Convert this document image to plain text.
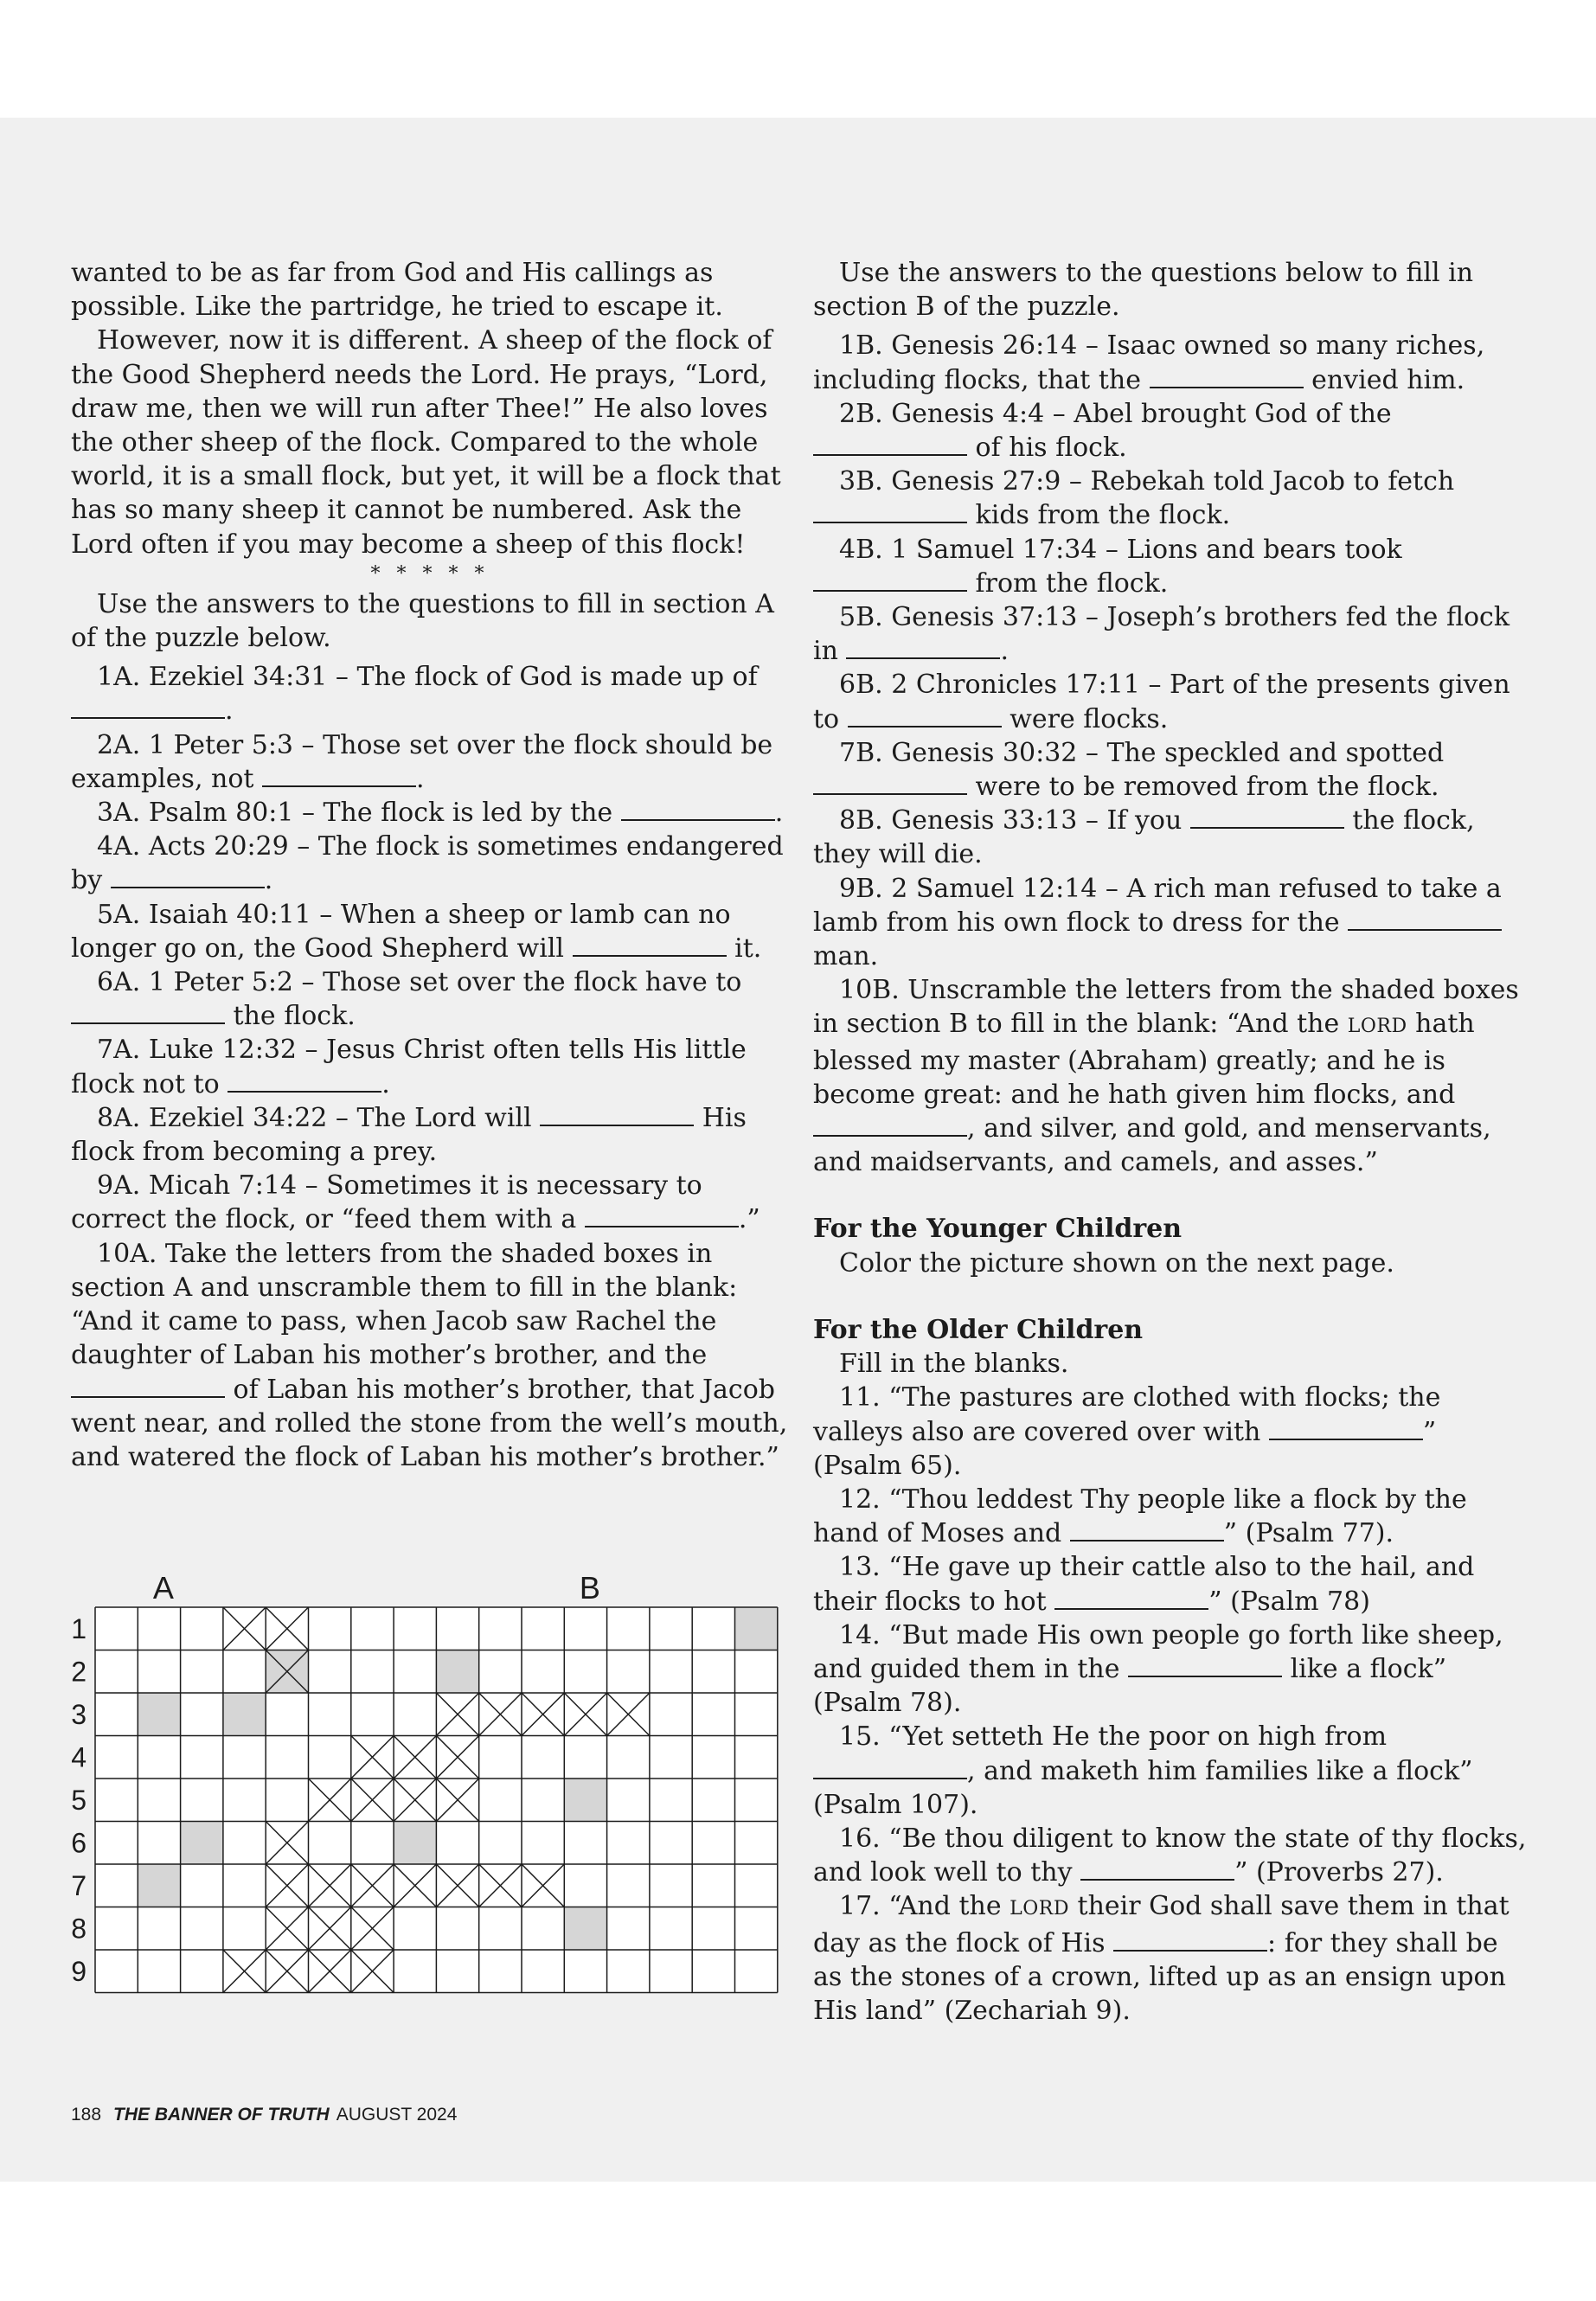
wanted to be as far from God and His callings as possible. Like the partridge, he tried to escape it.

However, now it is different. A sheep of the flock of the Good Shepherd needs the Lord. He prays, “Lord, draw me, then we will run after Thee!” He also loves the other sheep of the flock. Compared to the whole world, it is a small flock, but yet, it will be a flock that has so many sheep it cannot be numbered. Ask the Lord often if you may become a sheep of this flock!

* * * * *

Use the answers to the questions to fill in section A of the puzzle below.

1A. Ezekiel 34:31 – The flock of God is made up of .

2A. 1 Peter 5:3 – Those set over the flock should be examples, not	.

3A. Psalm 80:1 – The flock is led by the	.

4A. Acts 20:29 – The flock is sometimes endangered by	.

5A. Isaiah 40:11 – When a sheep or lamb can no longer go on, the Good Shepherd will	it.

6A. 1 Peter 5:2 – Those set over the flock have to  the flock.

7A. Luke 12:32 – Jesus Christ often tells His little flock not to	.

8A. Ezekiel 34:22 – The Lord will	His flock from becoming a prey.

9A. Micah 7:14 – Sometimes it is necessary to correct the flock, or “feed them with a	.”

10A. Take the letters from the shaded boxes in section A and unscramble them to fill in the blank: “And it came to pass, when Jacob saw Rachel the daughter of Laban his mother’s brother, and the  of Laban his mother’s brother, that Jacob went near, and rolled the stone from the well’s mouth, and watered the flock of Laban his mother’s brother.”

1
2
3
4
5
6
7
8
9
A	B

Use the answers to the questions below to fill in section B of the puzzle.

1B. Genesis 26:14 – Isaac owned so many riches, including flocks, that the	envied him.

2B. Genesis 4:4 – Abel brought God of the  of his flock.

3B. Genesis 27:9 – Rebekah told Jacob to fetch  kids from the flock.

4B. 1 Samuel 17:34 – Lions and bears took  from the flock.

5B. Genesis 37:13 – Joseph’s brothers fed the flock in	.

6B. 2 Chronicles 17:11 – Part of the presents given to	were flocks.

7B. Genesis 30:32 – The speckled and spotted  were to be removed from the flock.

8B. Genesis 33:13 – If you	the flock, they will die.

9B. 2 Samuel 12:14 – A rich man refused to take a lamb from his own flock to dress for the  man.

10B. Unscramble the letters from the shaded boxes in section B to fill in the blank: “And the LORD hath blessed my master (Abraham) greatly; and he is become great: and he hath given him flocks, and , and silver, and gold, and menservants, and maidservants, and camels, and asses.”

For the Younger Children

Color the picture shown on the next page.

For the Older Children

Fill in the blanks.

11. “The pastures are clothed with flocks; the valleys also are covered over with	” (Psalm 65).

12. “Thou leddest Thy people like a flock by the hand of Moses and	” (Psalm 77).

13. “He gave up their cattle also to the hail, and their flocks to hot	” (Psalm 78)

14. “But made His own people go forth like sheep, and guided them in the	like a flock” (Psalm 78).

15. “Yet setteth He the poor on high from , and maketh him families like a flock” (Psalm 107).

16. “Be thou diligent to know the state of thy flocks, and look well to thy	” (Proverbs 27).

17. “And the LORD their God shall save them in that day as the flock of His	: for they shall be as the stones of a crown, lifted up as an ensign upon His land” (Zechariah 9).

188 THE BANNER OF TRUTH AUGUST 2024
